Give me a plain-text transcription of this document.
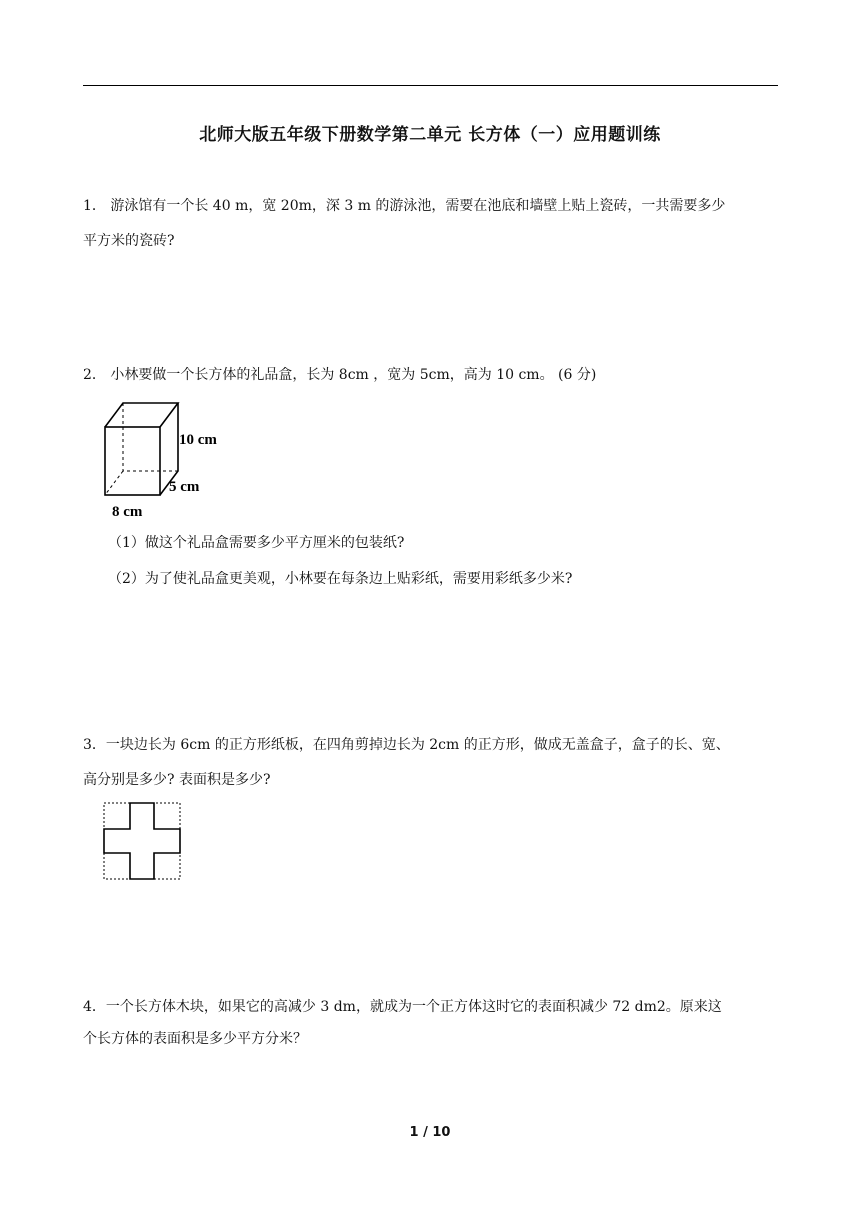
北师大版五年级下册数学第二单元 长方体（一）应用题训练
1． 游泳馆有一个长 40 m，宽 20m，深 3 m 的游泳池，需要在池底和墙壁上贴上瓷砖，一共需要多少
平方米的瓷砖?
2． 小林要做一个长方体的礼品盒，长为 8cm ，宽为 5cm，高为 10 cm。 (6 分)
10 cm
5 cm
8 cm
（1）做这个礼品盒需要多少平方厘米的包装纸?
（2）为了使礼品盒更美观，小林要在每条边上贴彩纸，需要用彩纸多少米?
3．一块边长为 6cm 的正方形纸板，在四角剪掉边长为 2cm 的正方形，做成无盖盒子，盒子的长、宽、
高分别是多少? 表面积是多少?
4．一个长方体木块，如果它的高减少 3 dm，就成为一个正方体这时它的表面积减少 72 dm2。原来这
个长方体的表面积是多少平方分米？
1 / 10
